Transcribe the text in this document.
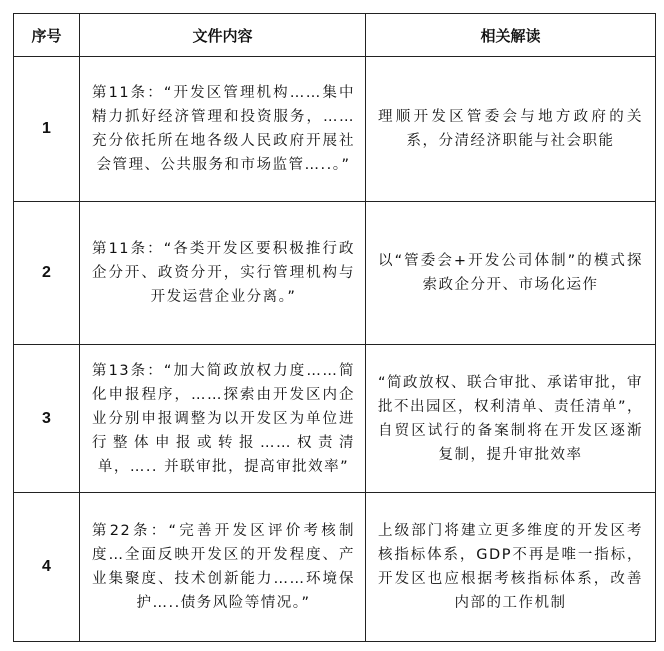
序号	文件内容	相关解读
1	第11条：“开发区管理机构……集中精力抓好经济管理和投资服务，……充分依托所在地各级人民政府开展社会管理、公共服务和市场监管…..。”	理顺开发区管委会与地方政府的关系，分清经济职能与社会职能

2	第11条：“各类开发区要积极推行政企分开、政资分开，实行管理机构与开发运营企业分离。”	以“管委会+开发公司体制”的模式探索政企分开、市场化运作

3	第13条：“加大简政放权力度……简化申报程序，……探索由开发区内企业分别申报调整为以开发区为单位进行整体申报或转报……权责清单，….. 并联审批，提高审批效率”	“简政放权、联合审批、承诺审批，审批不出园区，权利清单、责任清单”，自贸区试行的备案制将在开发区逐渐复制，提升审批效率

4	第22条：“完善开发区评价考核制度…全面反映开发区的开发程度、产业集聚度、技术创新能力……环境保护…..债务风险等情况。”	上级部门将建立更多维度的开发区考核指标体系，GDP不再是唯一指标，开发区也应根据考核指标体系，改善内部的工作机制
